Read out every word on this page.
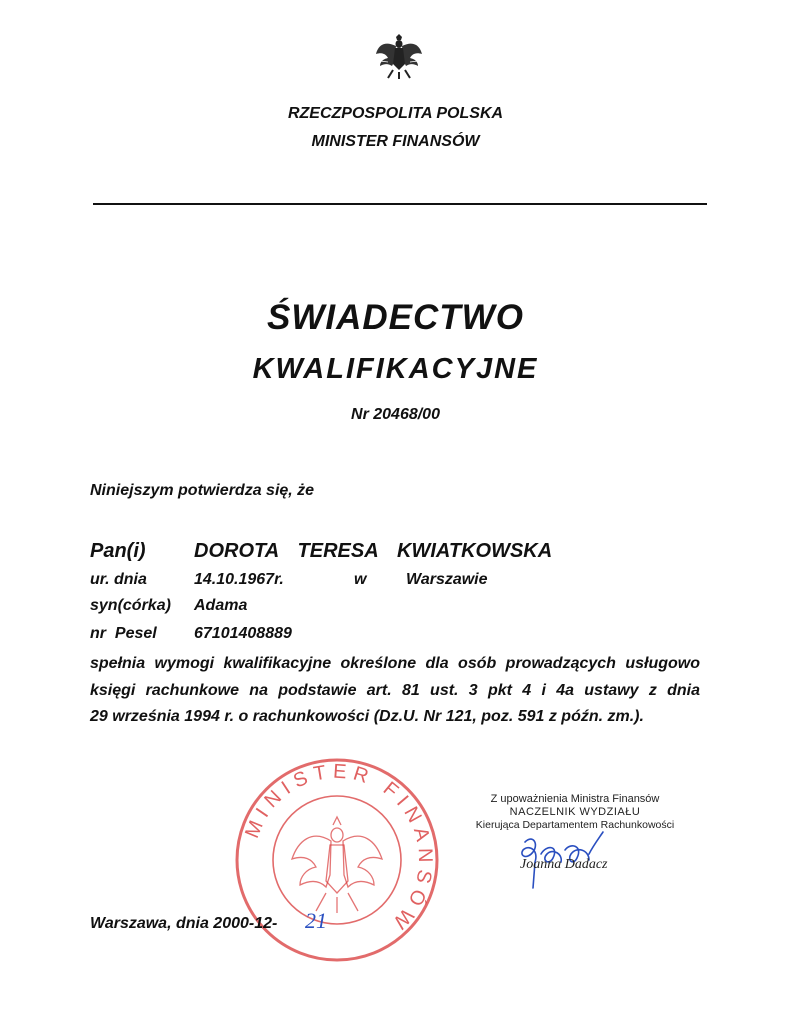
RZECZPOSPOLITA POLSKA
MINISTER FINANSÓW
ŚWIADECTWO
KWALIFIKACYJNE
Nr 20468/00
Niniejszym potwierdza się, że
Pan(i) DOROTA  TERESA  KWIATKOWSKA
ur. dnia	14.10.1967r.	w Warszawie
syn(córka) Adama
nr  Pesel 67101408889
spełnia wymogi kwalifikacyjne określone dla osób prowadzących usługowo
księgi rachunkowe na podstawie art. 81 ust. 3 pkt 4 i 4a ustawy z dnia
29 września 1994 r. o rachunkowości (Dz.U. Nr 121, poz. 591 z późn. zm.).
MINISTER FINANSÓW
Z upoważnienia Ministra Finansów
NACZELNIK WYDZIAŁU
Kierująca Departamentem Rachunkowości
Joanna Dadacz
Warszawa, dnia 2000-12- 21
